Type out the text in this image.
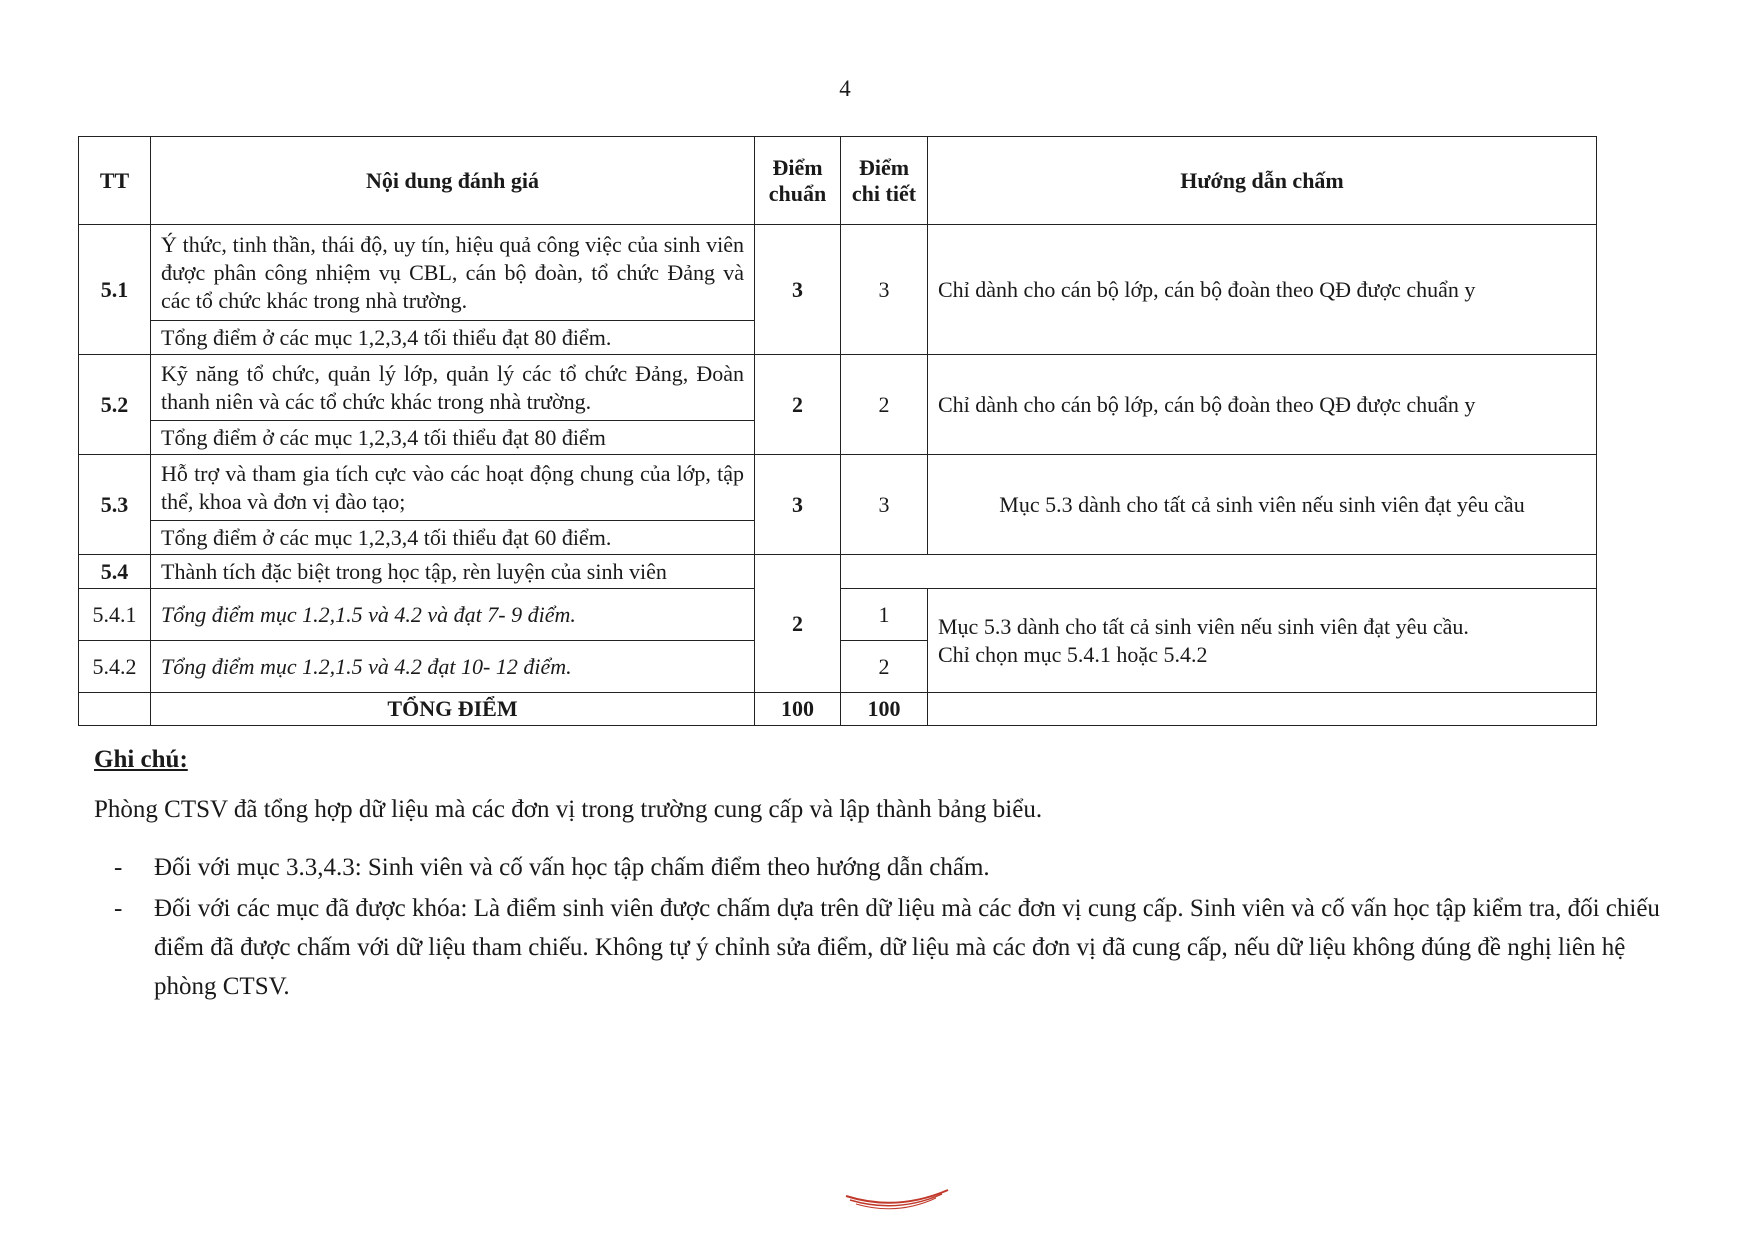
4
TT	Nội dung đánh giá	Điểm chuẩn	Điểm chi tiết	Hướng dẫn chấm
5.1	Ý thức, tinh thần, thái độ, uy tín, hiệu quả công việc của sinh viên được phân công nhiệm vụ CBL, cán bộ đoàn, tổ chức Đảng và các tổ chức khác trong nhà trường.	3	3	Chỉ dành cho cán bộ lớp, cán bộ đoàn theo QĐ được chuẩn y
	Tổng điểm ở các mục 1,2,3,4 tối thiểu đạt 80 điểm.			
5.2	Kỹ năng tổ chức, quản lý lớp, quản lý các tổ chức Đảng, Đoàn thanh niên và các tổ chức khác trong nhà trường.	2	2	Chỉ dành cho cán bộ lớp, cán bộ đoàn theo QĐ được chuẩn y
	Tổng điểm ở các mục 1,2,3,4 tối thiểu đạt 80 điểm			
5.3	Hỗ trợ và tham gia tích cực vào các hoạt động chung của lớp, tập thể, khoa và đơn vị đào tạo;	3	3	Mục 5.3 dành cho tất cả sinh viên nếu sinh viên đạt yêu cầu
	Tổng điểm ở các mục 1,2,3,4 tối thiểu đạt 60 điểm.			
5.4	Thành tích đặc biệt trong học tập, rèn luyện của sinh viên	2		
5.4.1	Tổng điểm mục 1.2,1.5 và 4.2 và đạt 7- 9 điểm.		1	Mục 5.3 dành cho tất cả sinh viên nếu sinh viên đạt yêu cầu.
Chỉ chọn mục 5.4.1 hoặc 5.4.2

5.4.2	Tổng điểm mục 1.2,1.5 và 4.2 đạt 10- 12 điểm.		2	
	TỔNG ĐIỂM	100	100	
Ghi chú:
Phòng CTSV đã tổng hợp dữ liệu mà các đơn vị trong trường cung cấp và lập thành bảng biểu.
- Đối với mục 3.3,4.3: Sinh viên và cố vấn học tập chấm điểm theo hướng dẫn chấm.
- Đối với các mục đã được khóa: Là điểm sinh viên được chấm dựa trên dữ liệu mà các đơn vị cung cấp. Sinh viên và cố vấn học tập kiểm tra, đối chiếu điểm đã được chấm với dữ liệu tham chiếu. Không tự ý chỉnh sửa điểm, dữ liệu mà các đơn vị đã cung cấp, nếu dữ liệu không đúng đề nghị liên hệ phòng CTSV.
